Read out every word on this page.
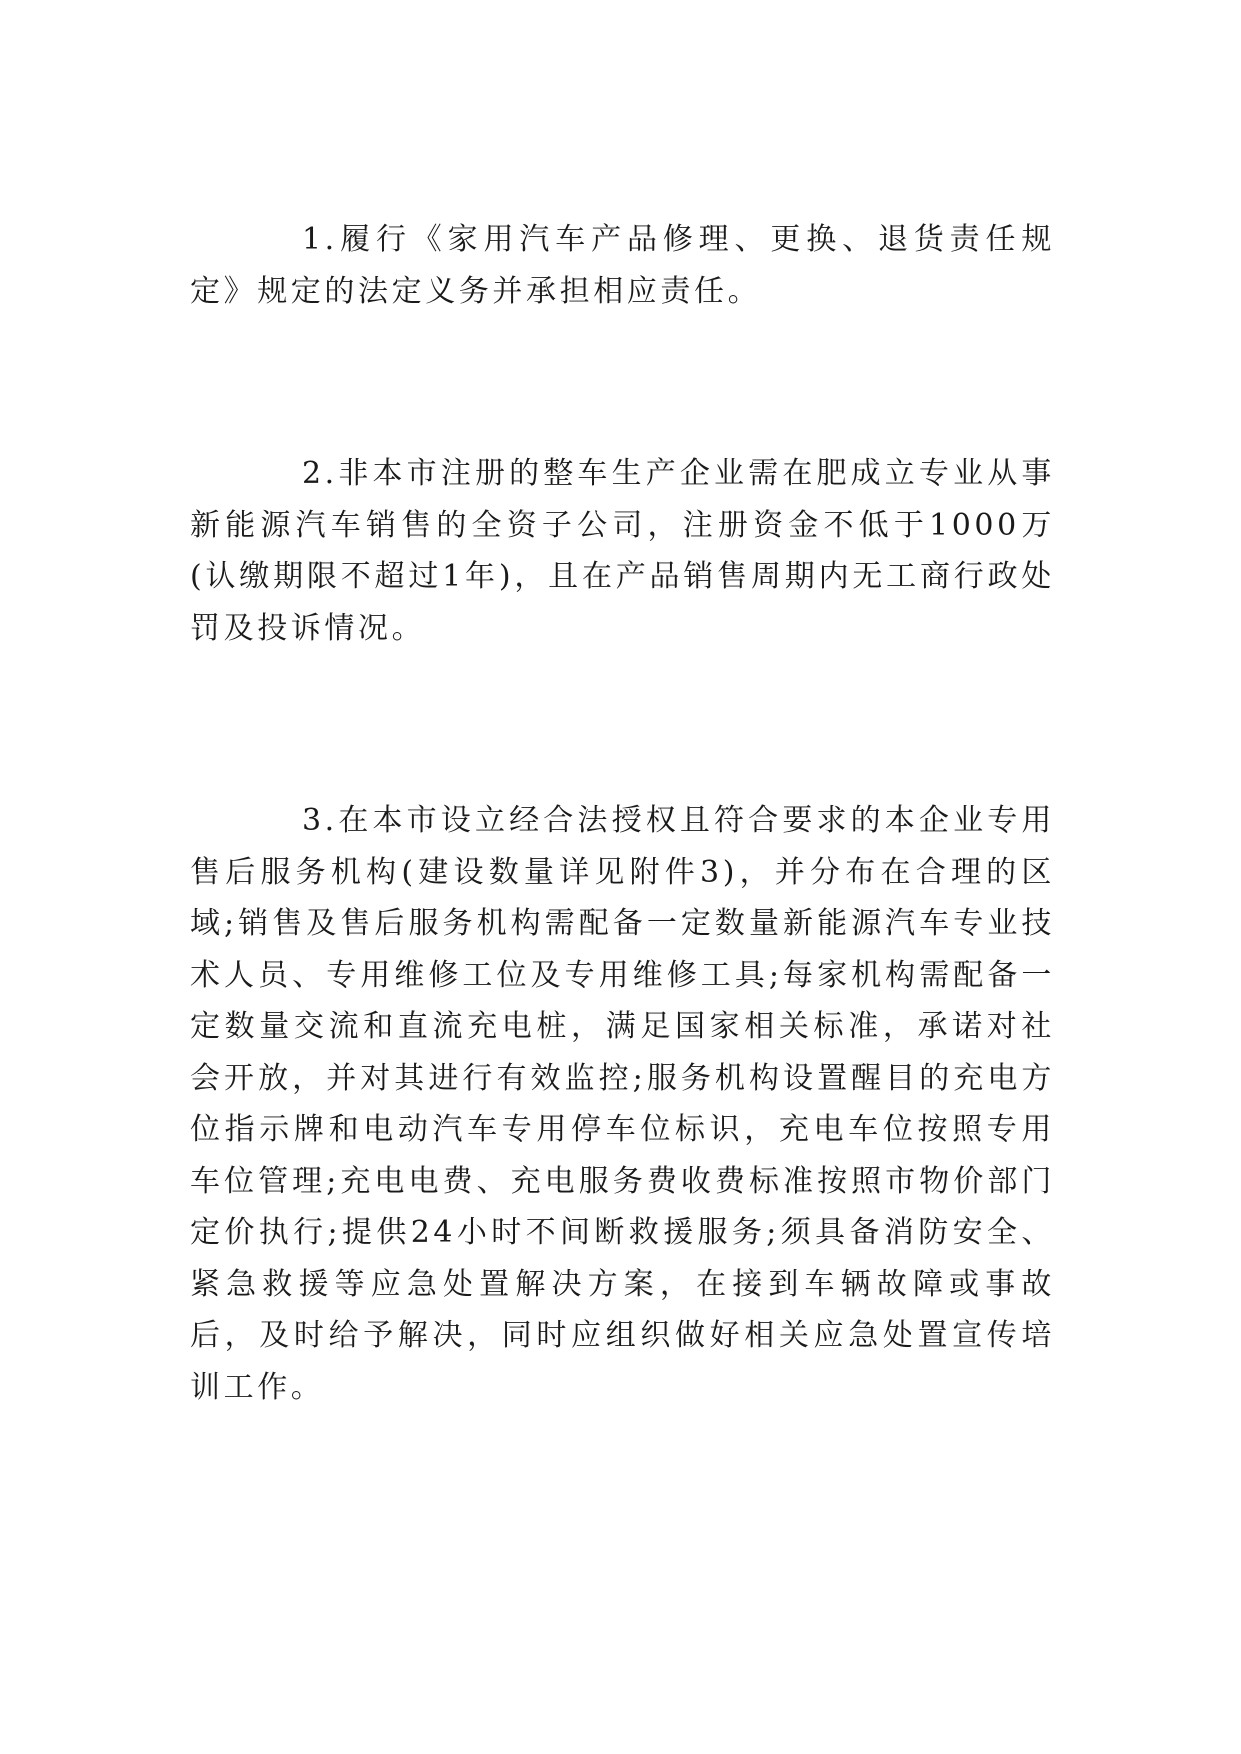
1.履行《家用汽车产品修理、更换、退货责任规定》规定的法定义务并承担相应责任。

2.非本市注册的整车生产企业需在肥成立专业从事新能源汽车销售的全资子公司，注册资金不低于1000万(认缴期限不超过1年)，且在产品销售周期内无工商行政处罚及投诉情况。

3.在本市设立经合法授权且符合要求的本企业专用售后服务机构(建设数量详见附件3)，并分布在合理的区域;销售及售后服务机构需配备一定数量新能源汽车专业技术人员、专用维修工位及专用维修工具;每家机构需配备一定数量交流和直流充电桩，满足国家相关标准，承诺对社会开放，并对其进行有效监控;服务机构设置醒目的充电方位指示牌和电动汽车专用停车位标识，充电车位按照专用车位管理;充电电费、充电服务费收费标准按照市物价部门定价执行;提供24小时不间断救援服务;须具备消防安全、紧急救援等应急处置解决方案，在接到车辆故障或事故后，及时给予解决，同时应组织做好相关应急处置宣传培训工作。
